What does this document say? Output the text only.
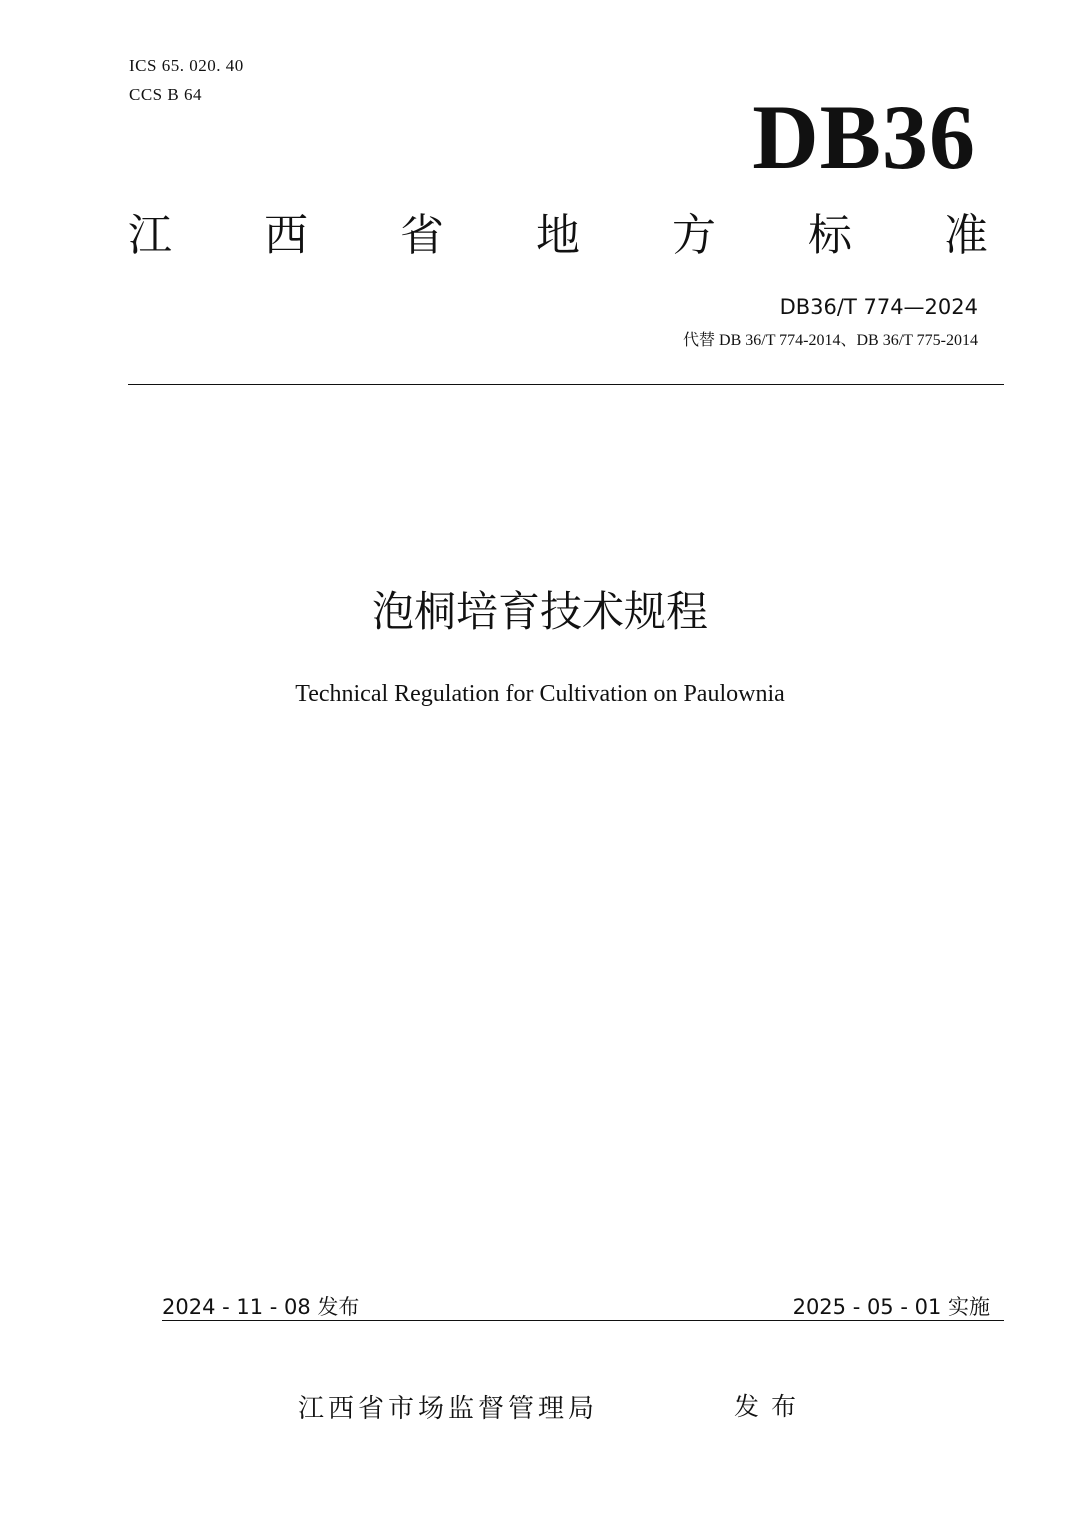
ICS 65. 020. 40
CCS B 64	DB36
江 西 省 地 方 标 准
DB36/T 774—2024
代替 DB 36/T 774-2014、DB 36/T 775-2014
泡桐培育技术规程
Technical Regulation for Cultivation on Paulownia
2024 - 11 - 08 发布	2025 - 05 - 01 实施
江西省市场监督管理局	发布
